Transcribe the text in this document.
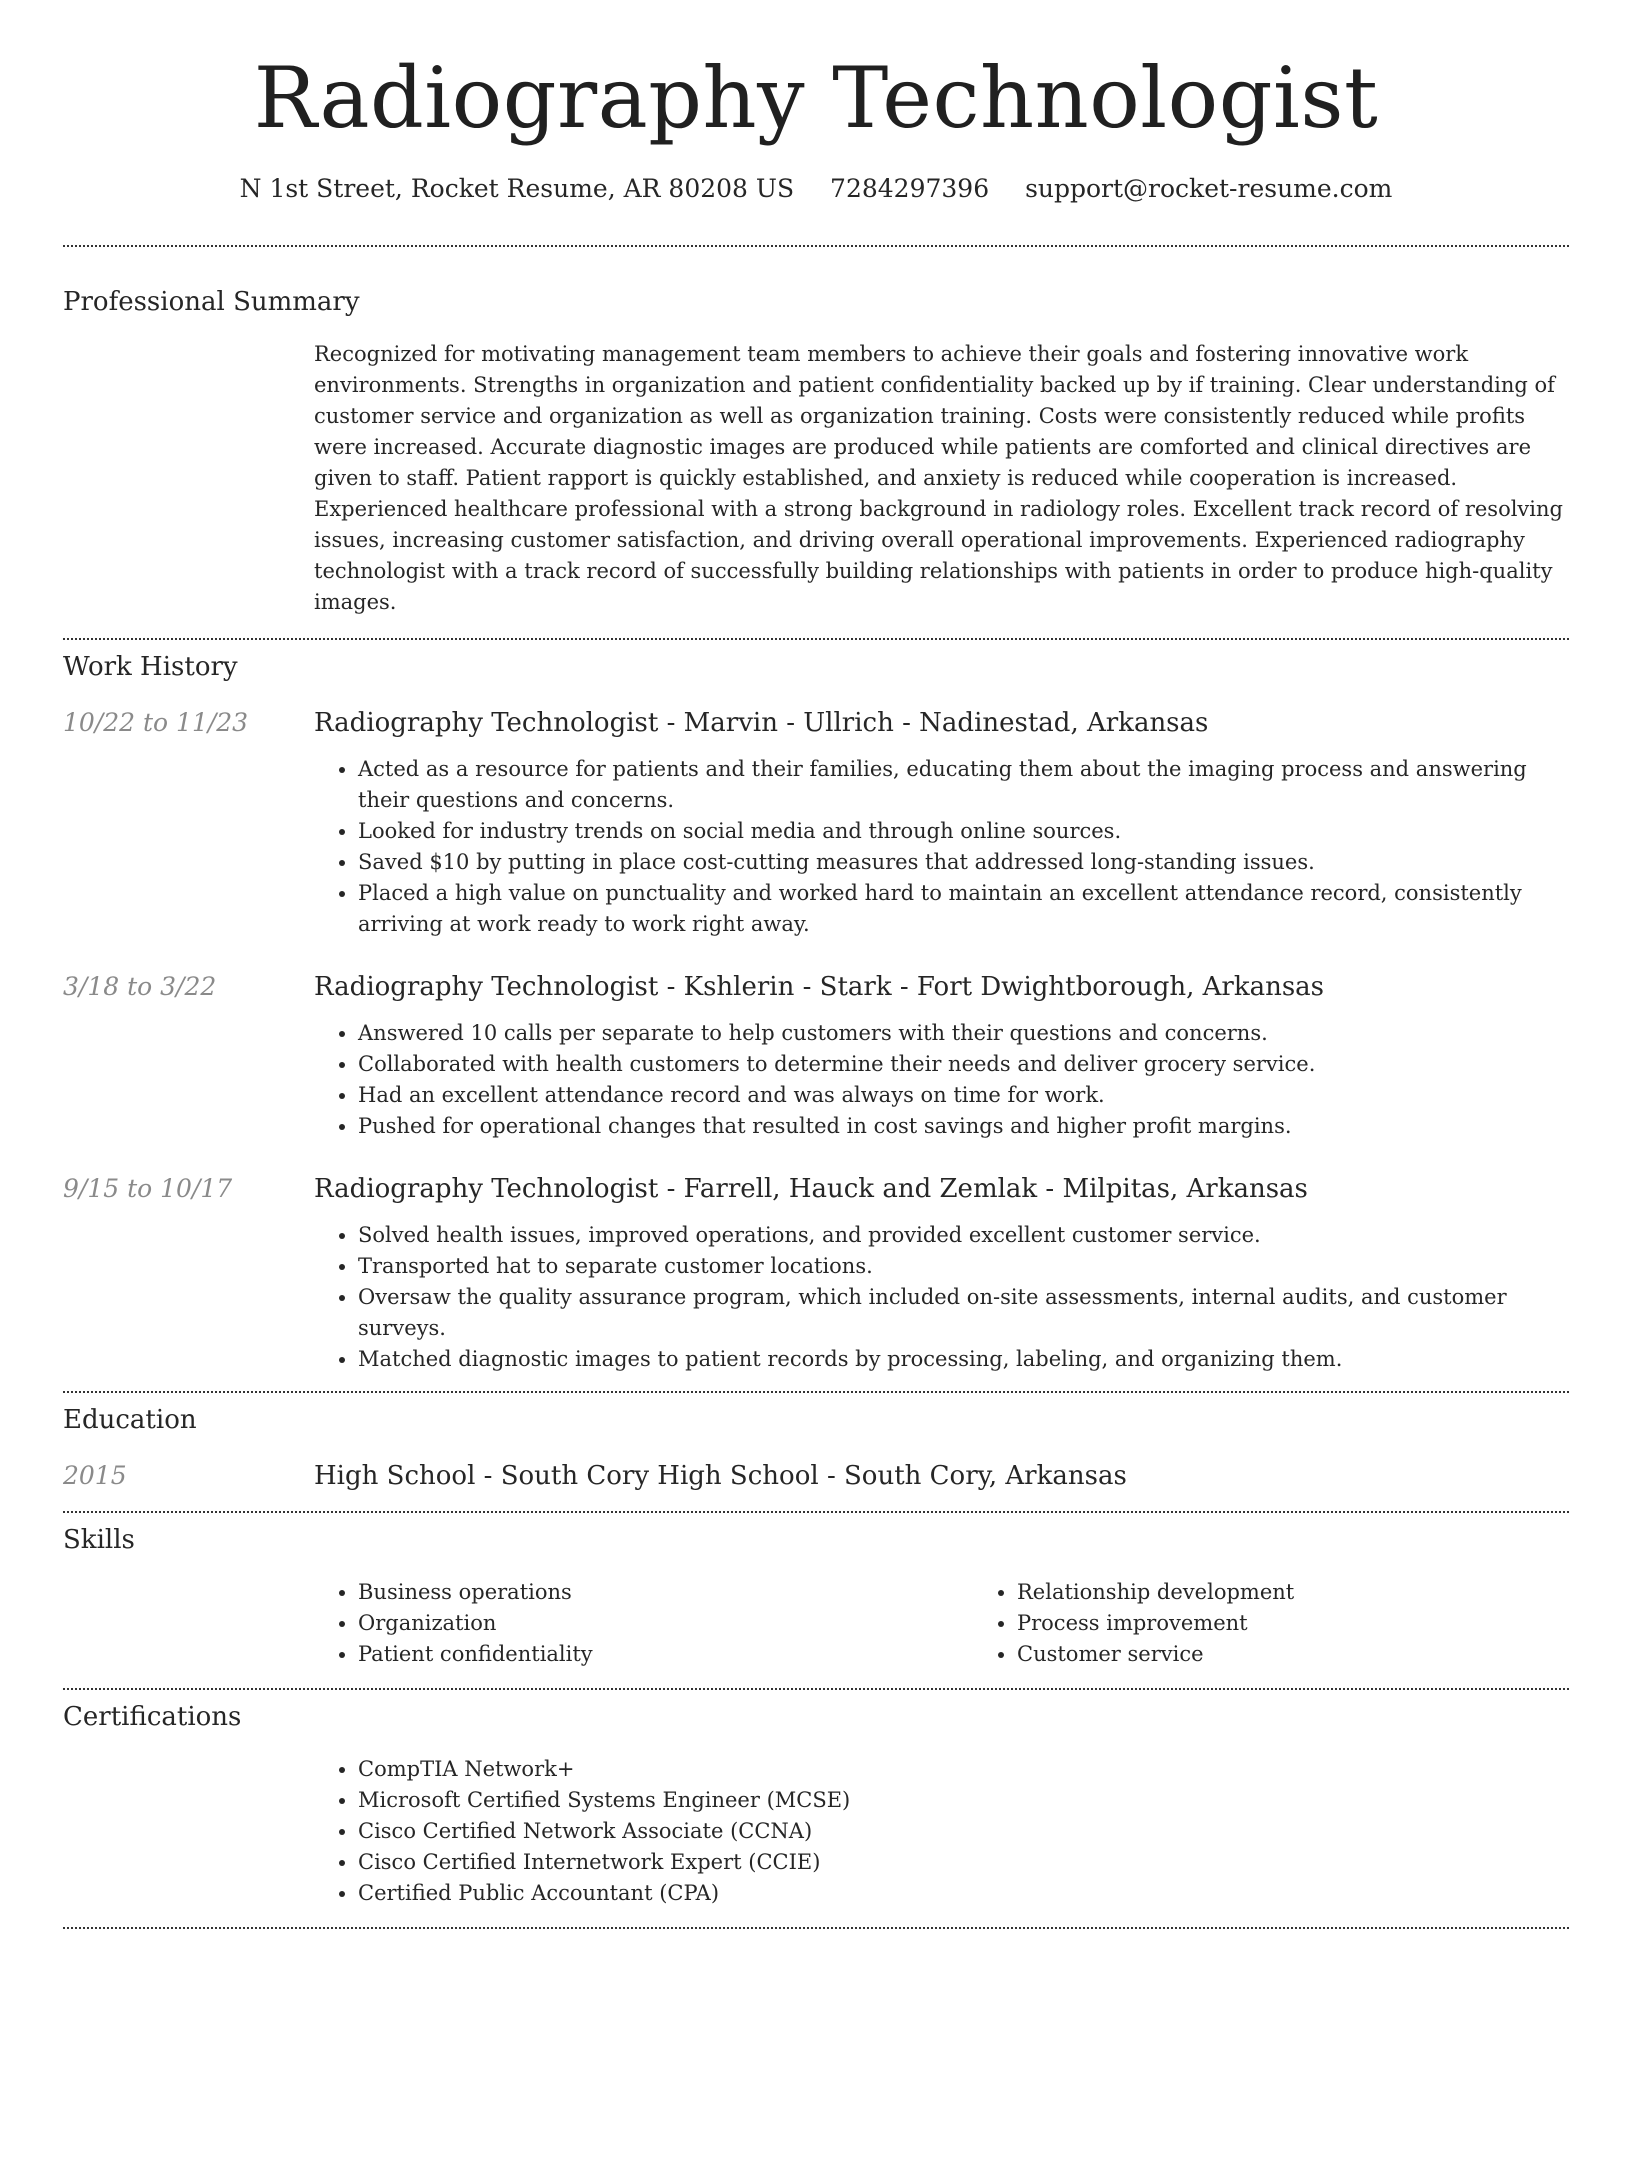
Radiography Technologist
N 1st Street, Rocket Resume, AR 80208 US 7284297396 support@rocket-resume.com
Professional Summary

Recognized for motivating management team members to achieve their goals and fostering innovative work environments. Strengths in organization and patient confidentiality backed up by if training. Clear understanding of customer service and organization as well as organization training. Costs were consistently reduced while profits were increased. Accurate diagnostic images are produced while patients are comforted and clinical directives are given to staff. Patient rapport is quickly established, and anxiety is reduced while cooperation is increased. Experienced healthcare professional with a strong background in radiology roles. Excellent track record of resolving issues, increasing customer satisfaction, and driving overall operational improvements. Experienced radiography technologist with a track record of successfully building relationships with patients in order to produce high-quality images.

Work History
10/22 to 11/23	Radiography Technologist - Marvin - Ullrich - Nadinestad, Arkansas
• Acted as a resource for patients and their families, educating them about the imaging process and answering their questions and concerns.
• Looked for industry trends on social media and through online sources.
• Saved $10 by putting in place cost-cutting measures that addressed long-standing issues.
• Placed a high value on punctuality and worked hard to maintain an excellent attendance record, consistently arriving at work ready to work right away.
3/18 to 3/22	Radiography Technologist - Kshlerin - Stark - Fort Dwightborough, Arkansas
• Answered 10 calls per separate to help customers with their questions and concerns.
• Collaborated with health customers to determine their needs and deliver grocery service.
• Had an excellent attendance record and was always on time for work.
• Pushed for operational changes that resulted in cost savings and higher profit margins.
9/15 to 10/17	Radiography Technologist - Farrell, Hauck and Zemlak - Milpitas, Arkansas
• Solved health issues, improved operations, and provided excellent customer service.
• Transported hat to separate customer locations.
• Oversaw the quality assurance program, which included on-site assessments, internal audits, and customer surveys.
• Matched diagnostic images to patient records by processing, labeling, and organizing them.
Education
2015	High School - South Cory High School - South Cory, Arkansas
Skills
• Business operations
• Organization
• Patient confidentiality
• Relationship development
• Process improvement
• Customer service
Certifications
• CompTIA Network+
• Microsoft Certified Systems Engineer (MCSE)
• Cisco Certified Network Associate (CCNA)
• Cisco Certified Internetwork Expert (CCIE)
• Certified Public Accountant (CPA)
